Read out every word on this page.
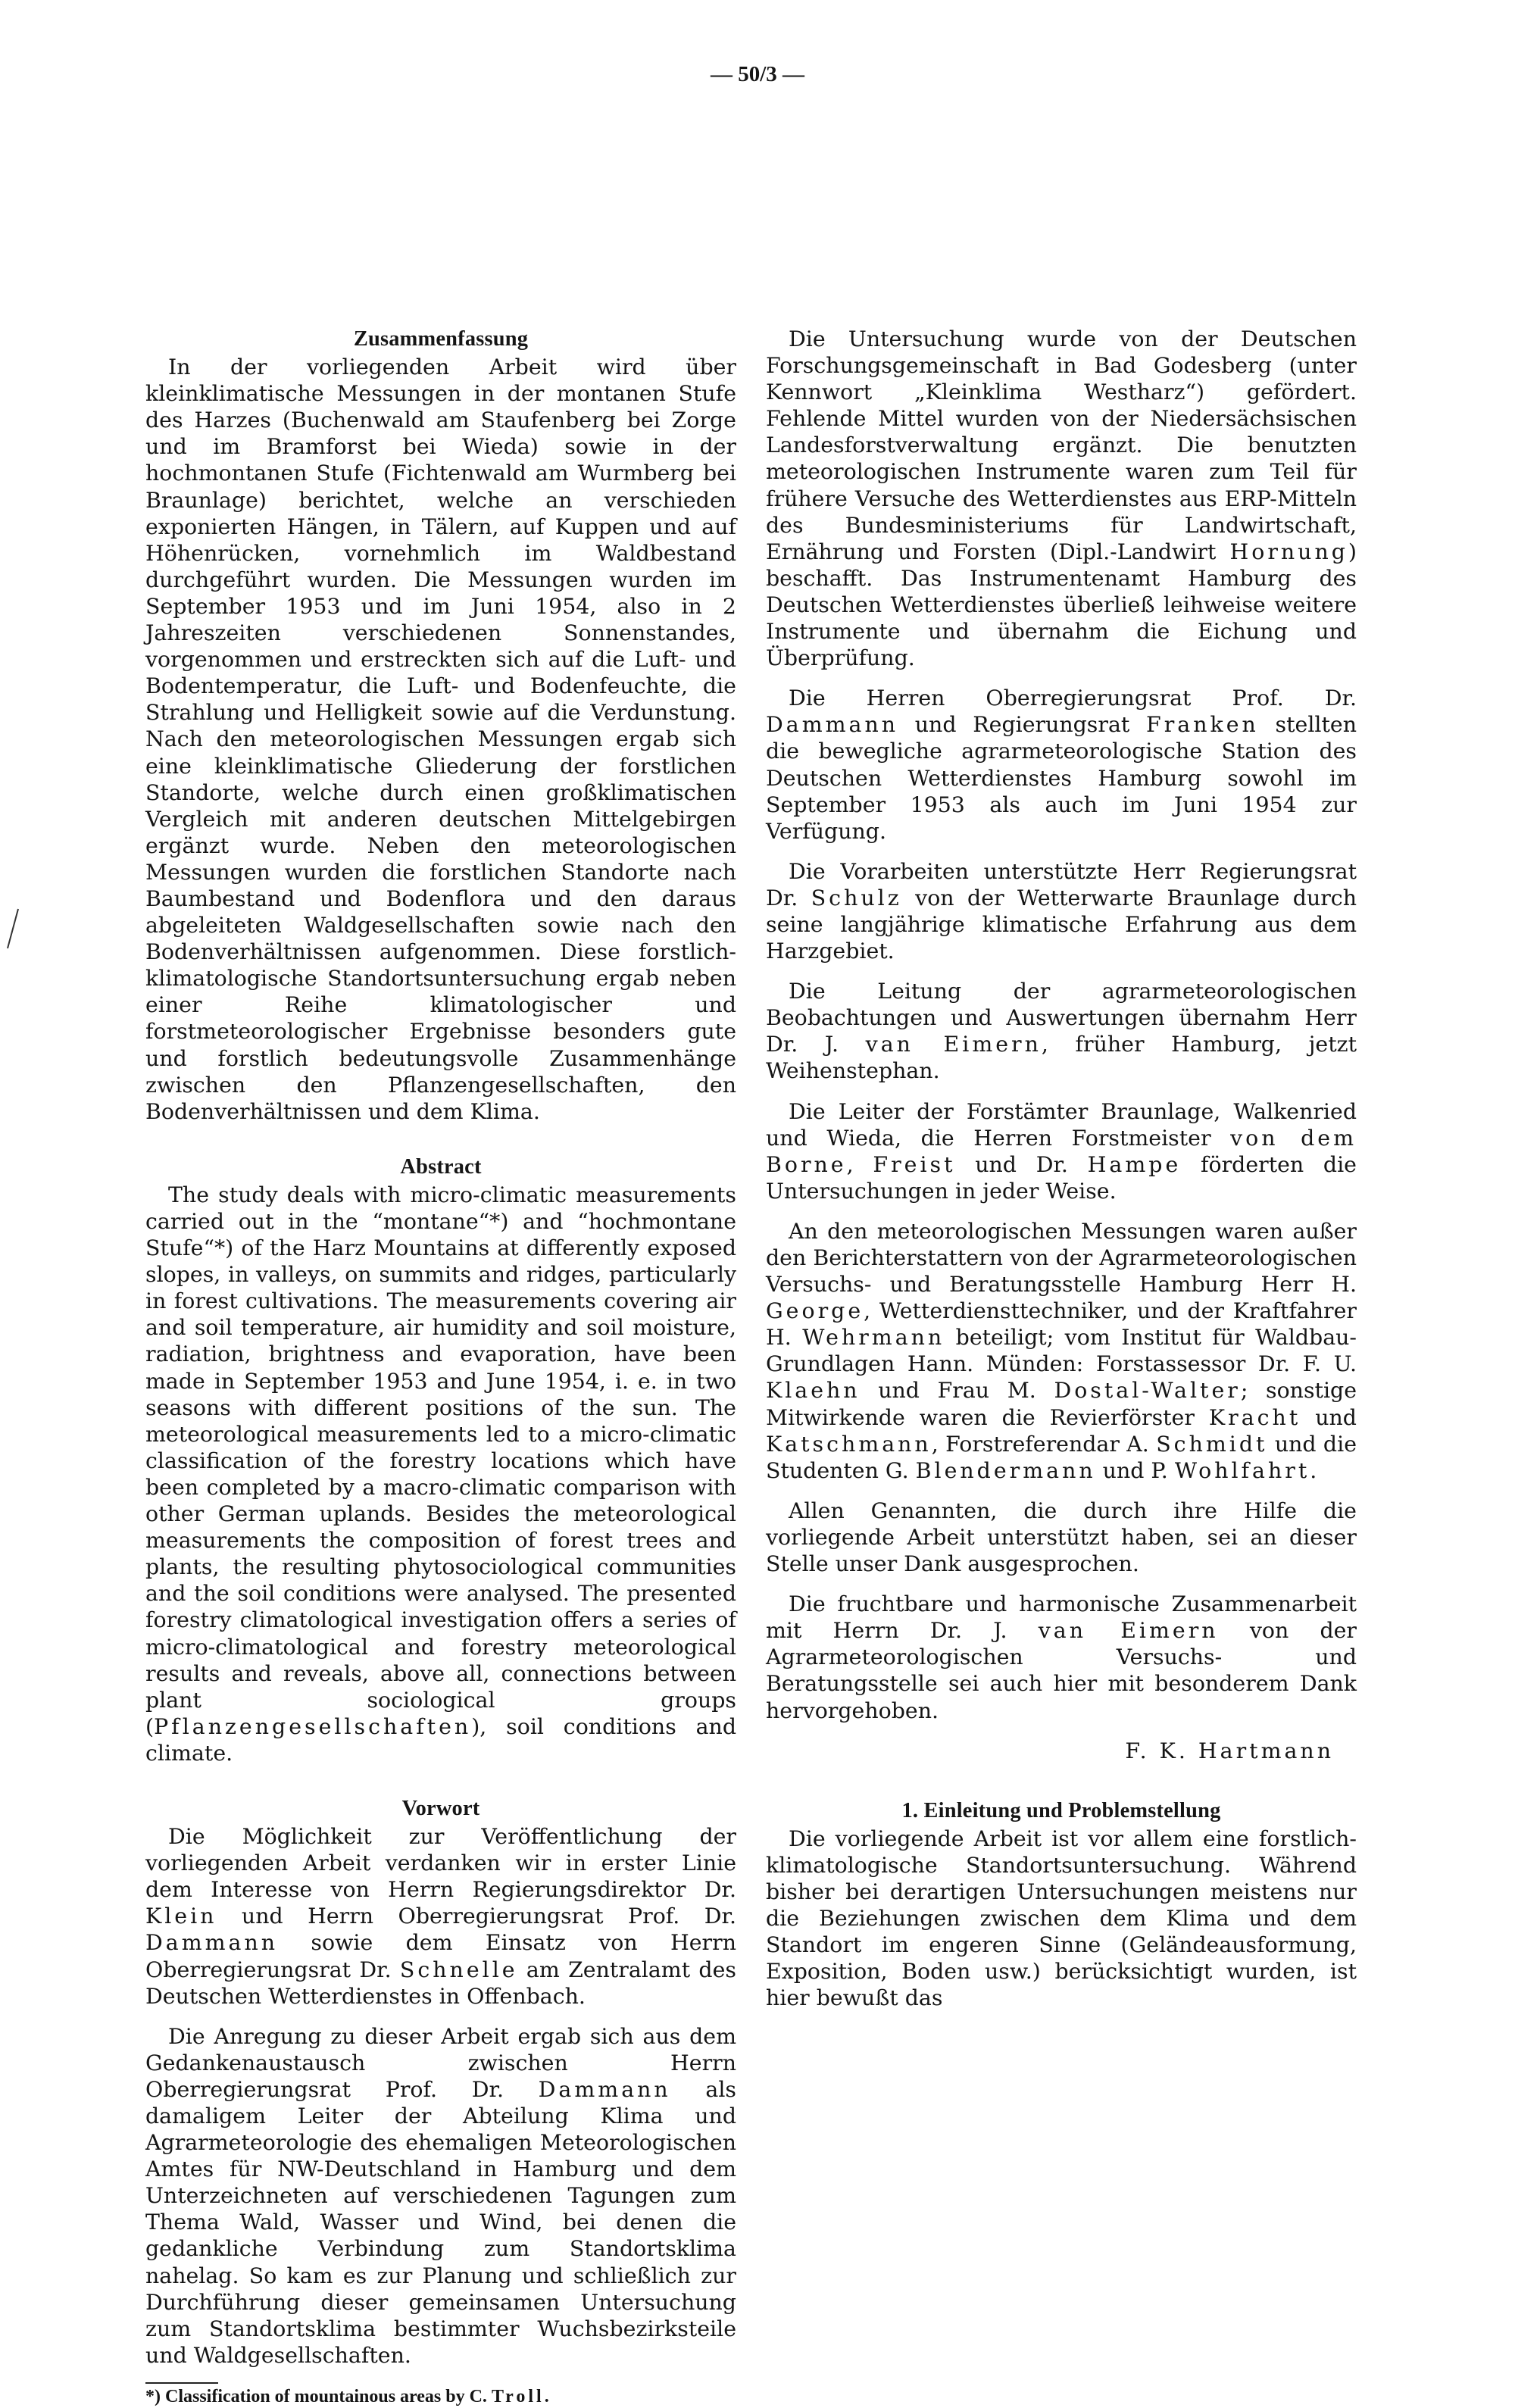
— 50/3 —
Zusammenfassung

In der vorliegenden Arbeit wird über kleinklimatische Messungen in der montanen Stufe des Harzes (Buchenwald am Staufenberg bei Zorge und im Bramforst bei Wieda) sowie in der hochmontanen Stufe (Fichtenwald am Wurmberg bei Braunlage) berichtet, welche an verschieden exponierten Hängen, in Tälern, auf Kuppen und auf Höhenrücken, vornehmlich im Waldbestand durchgeführt wurden. Die Messungen wurden im September 1953 und im Juni 1954, also in 2 Jahreszeiten verschiedenen Sonnenstandes, vorgenommen und erstreckten sich auf die Luft- und Bodentemperatur, die Luft- und Bodenfeuchte, die Strahlung und Helligkeit sowie auf die Verdunstung. Nach den meteorologischen Messungen ergab sich eine kleinklimatische Gliederung der forstlichen Standorte, welche durch einen großklimatischen Vergleich mit anderen deutschen Mittelgebirgen ergänzt wurde. Neben den meteorologischen Messungen wurden die forstlichen Standorte nach Baumbestand und Bodenflora und den daraus abgeleiteten Waldgesellschaften sowie nach den Bodenverhältnissen aufgenommen. Diese forstlich-klimatologische Standortsuntersuchung ergab neben einer Reihe klimatologischer und forstmeteorologischer Ergebnisse besonders gute und forstlich bedeutungsvolle Zusammenhänge zwischen den Pflanzengesellschaften, den Bodenverhältnissen und dem Klima.

Abstract

The study deals with micro-climatic measurements carried out in the “montane“*) and “hochmontane Stufe“*) of the Harz Mountains at differently exposed slopes, in valleys, on summits and ridges, particularly in forest cultivations. The measurements covering air and soil temperature, air humidity and soil moisture, radiation, brightness and evaporation, have been made in September 1953 and June 1954, i. e. in two seasons with different positions of the sun. The meteorological measurements led to a micro-climatic classification of the forestry locations which have been completed by a macro-climatic comparison with other German uplands. Besides the meteorological measurements the composition of forest trees and plants, the resulting phytosociological communities and the soil conditions were analysed. The presented forestry climatological investigation offers a series of micro-climatological and forestry meteorological results and reveals, above all, connections between plant sociological groups (Pflanzengesellschaften), soil conditions and climate.

Vorwort

Die Möglichkeit zur Veröffentlichung der vorliegenden Arbeit verdanken wir in erster Linie dem Interesse von Herrn Regierungsdirektor Dr. Klein und Herrn Oberregierungsrat Prof. Dr. Dammann sowie dem Einsatz von Herrn Oberregierungsrat Dr. Schnelle am Zentralamt des Deutschen Wetterdienstes in Offenbach.

Die Anregung zu dieser Arbeit ergab sich aus dem Gedankenaustausch zwischen Herrn Oberregierungsrat Prof. Dr. Dammann als damaligem Leiter der Abteilung Klima und Agrarmeteorologie des ehemaligen Meteorologischen Amtes für NW-Deutschland in Hamburg und dem Unterzeichneten auf verschiedenen Tagungen zum Thema Wald, Wasser und Wind, bei denen die gedankliche Verbindung zum Standortsklima nahelag. So kam es zur Planung und schließlich zur Durchführung dieser gemeinsamen Untersuchung zum Standortsklima bestimmter Wuchsbezirksteile und Waldgesellschaften.

*) Classification of mountainous areas by C. Troll.

Die Untersuchung wurde von der Deutschen Forschungsgemeinschaft in Bad Godesberg (unter Kennwort „Kleinklima Westharz“) gefördert. Fehlende Mittel wurden von der Niedersächsischen Landesforstverwaltung ergänzt. Die benutzten meteorologischen Instrumente waren zum Teil für frühere Versuche des Wetterdienstes aus ERP-Mitteln des Bundesministeriums für Landwirtschaft, Ernährung und Forsten (Dipl.-Landwirt Hornung) beschafft. Das Instrumentenamt Hamburg des Deutschen Wetterdienstes überließ leihweise weitere Instrumente und übernahm die Eichung und Überprüfung.

Die Herren Oberregierungsrat Prof. Dr. Dammann und Regierungsrat Franken stellten die bewegliche agrarmeteorologische Station des Deutschen Wetterdienstes Hamburg sowohl im September 1953 als auch im Juni 1954 zur Verfügung.

Die Vorarbeiten unterstützte Herr Regierungsrat Dr. Schulz von der Wetterwarte Braunlage durch seine langjährige klimatische Erfahrung aus dem Harzgebiet.

Die Leitung der agrarmeteorologischen Beobachtungen und Auswertungen übernahm Herr Dr. J. van Eimern, früher Hamburg, jetzt Weihenstephan.

Die Leiter der Forstämter Braunlage, Walkenried und Wieda, die Herren Forstmeister von dem Borne, Freist und Dr. Hampe förderten die Untersuchungen in jeder Weise.

An den meteorologischen Messungen waren außer den Berichterstattern von der Agrarmeteorologischen Versuchs- und Beratungsstelle Hamburg Herr H. George, Wetterdiensttechniker, und der Kraftfahrer H. Wehrmann beteiligt; vom Institut für Waldbau-Grundlagen Hann. Münden: Forstassessor Dr. F. U. Klaehn und Frau M. Dostal-Walter; sonstige Mitwirkende waren die Revierförster Kracht und Katschmann, Forstreferendar A. Schmidt und die Studenten G. Blendermann und P. Wohlfahrt.

Allen Genannten, die durch ihre Hilfe die vorliegende Arbeit unterstützt haben, sei an dieser Stelle unser Dank ausgesprochen.

Die fruchtbare und harmonische Zusammenarbeit mit Herrn Dr. J. van Eimern von der Agrarmeteorologischen Versuchs- und Beratungsstelle sei auch hier mit besonderem Dank hervorgehoben.

F. K. Hartmann

1. Einleitung und Problemstellung

Die vorliegende Arbeit ist vor allem eine forstlich-klimatologische Standortsuntersuchung. Während bisher bei derartigen Untersuchungen meistens nur die Beziehungen zwischen dem Klima und dem Standort im engeren Sinne (Geländeausformung, Exposition, Boden usw.) berücksichtigt wurden, ist hier bewußt das
